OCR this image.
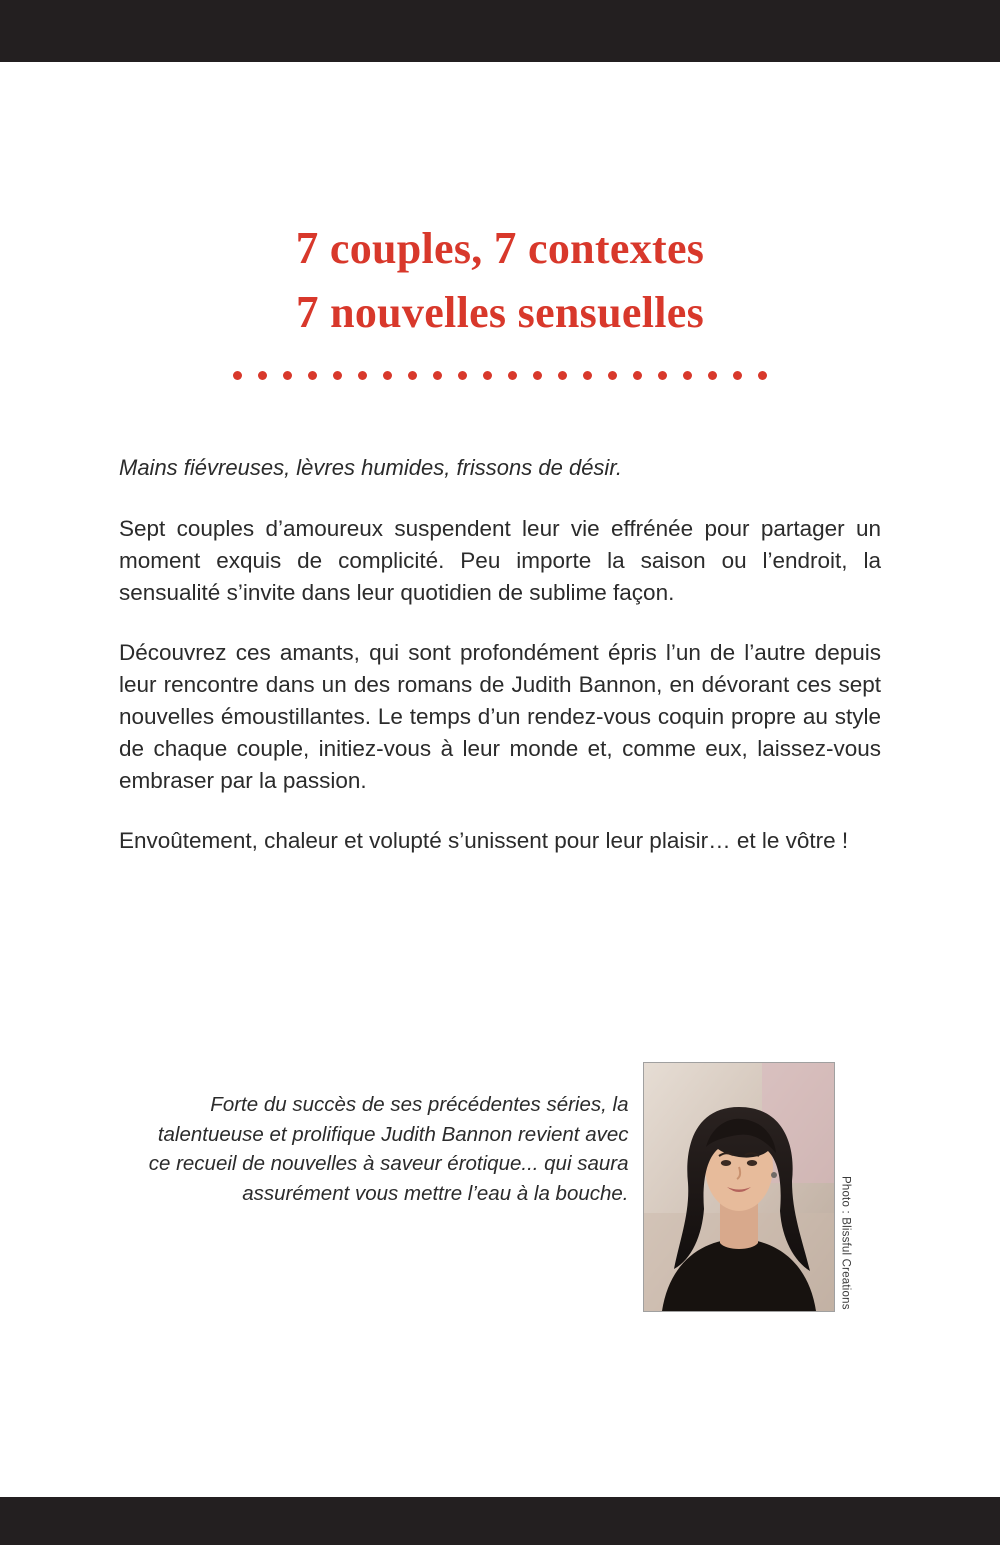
7 couples, 7 contextes
7 nouvelles sensuelles

Mains fiévreuses, lèvres humides, frissons de désir.

Sept couples d’amoureux suspendent leur vie effrénée pour partager un moment exquis de complicité. Peu importe la saison ou l’endroit, la sensualité s’invite dans leur quotidien de sublime façon.

Découvrez ces amants, qui sont profondément épris l’un de l’autre depuis leur rencontre dans un des romans de Judith Bannon, en dévorant ces sept nouvelles émoustillantes. Le temps d’un rendez-vous coquin propre au style de chaque couple, initiez-vous à leur monde et, comme eux, laissez-vous embraser par la passion.

Envoûtement, chaleur et volupté s’unissent pour leur plaisir… et le vôtre !

Forte du succès de ses précédentes séries, la talentueuse et prolifique Judith Bannon revient avec ce recueil de nouvelles à saveur érotique... qui saura assurément vous mettre l’eau à la bouche.	Photo : Blissful Creations
